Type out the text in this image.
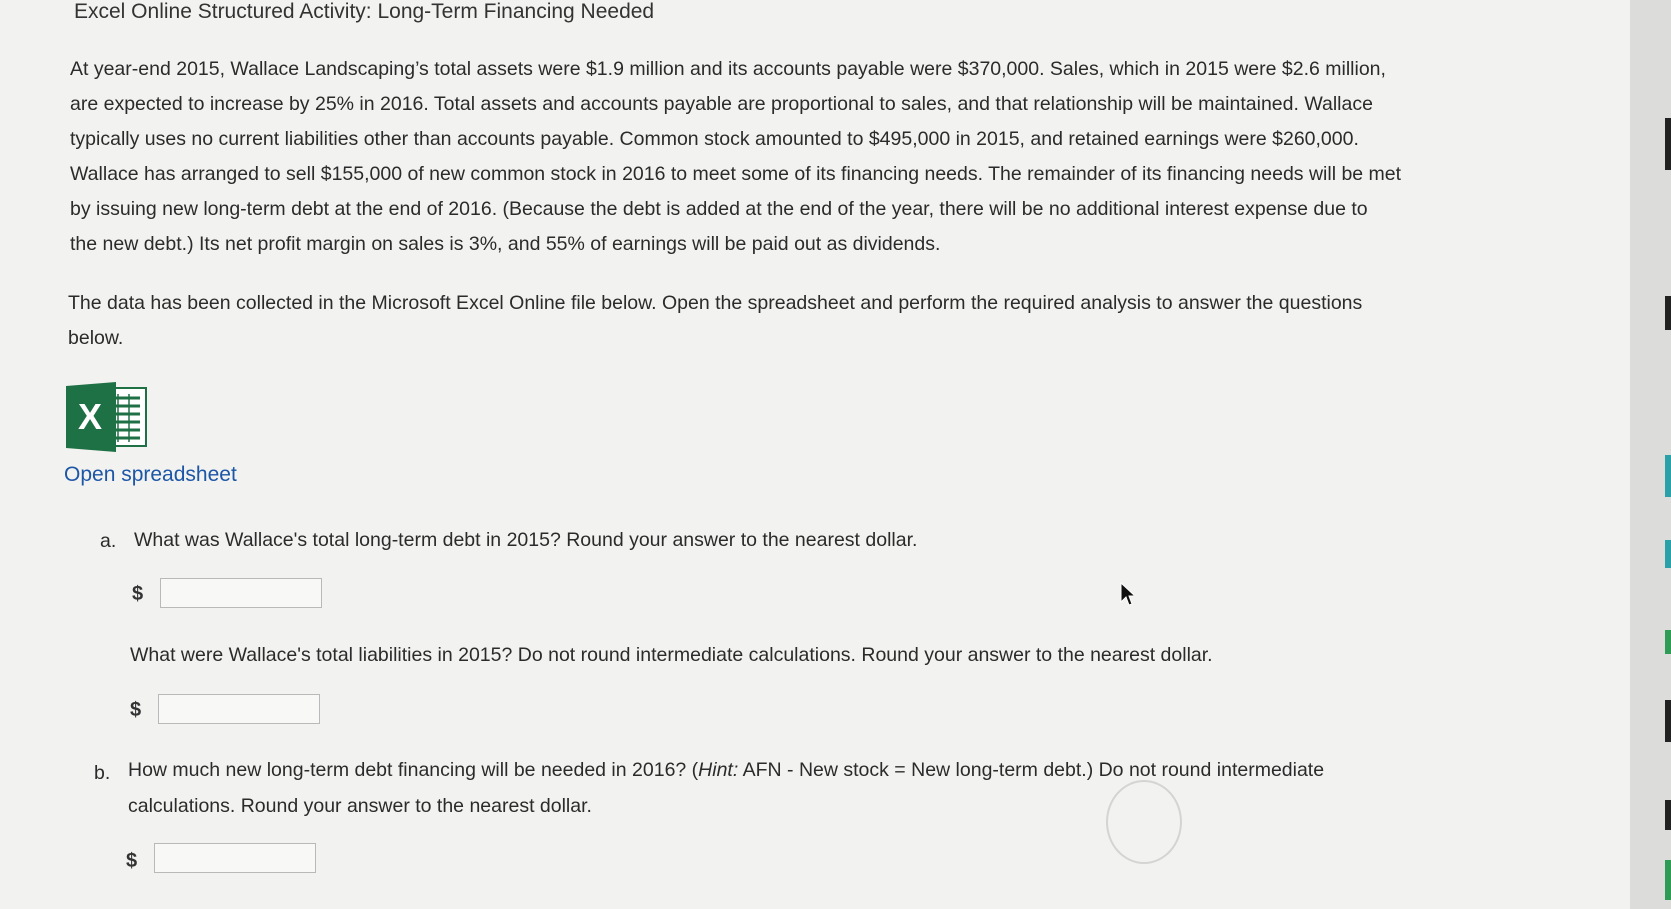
Excel Online Structured Activity: Long-Term Financing Needed
At year-end 2015, Wallace Landscaping’s total assets were $1.9 million and its accounts payable were $370,000. Sales, which in 2015 were $2.6 million,
are expected to increase by 25% in 2016. Total assets and accounts payable are proportional to sales, and that relationship will be maintained. Wallace
typically uses no current liabilities other than accounts payable. Common stock amounted to $495,000 in 2015, and retained earnings were $260,000.
Wallace has arranged to sell $155,000 of new common stock in 2016 to meet some of its financing needs. The remainder of its financing needs will be met
by issuing new long-term debt at the end of 2016. (Because the debt is added at the end of the year, there will be no additional interest expense due to
the new debt.) Its net profit margin on sales is 3%, and 55% of earnings will be paid out as dividends.
The data has been collected in the Microsoft Excel Online file below. Open the spreadsheet and perform the required analysis to answer the questions
below.
X
Open spreadsheet
a. What was Wallace's total long-term debt in 2015? Round your answer to the nearest dollar.

$

What were Wallace's total liabilities in 2015? Do not round intermediate calculations. Round your answer to the nearest dollar.

$
b. How much new long-term debt financing will be needed in 2016? (Hint: AFN - New stock = New long-term debt.) Do not round intermediate
calculations. Round your answer to the nearest dollar.
$
